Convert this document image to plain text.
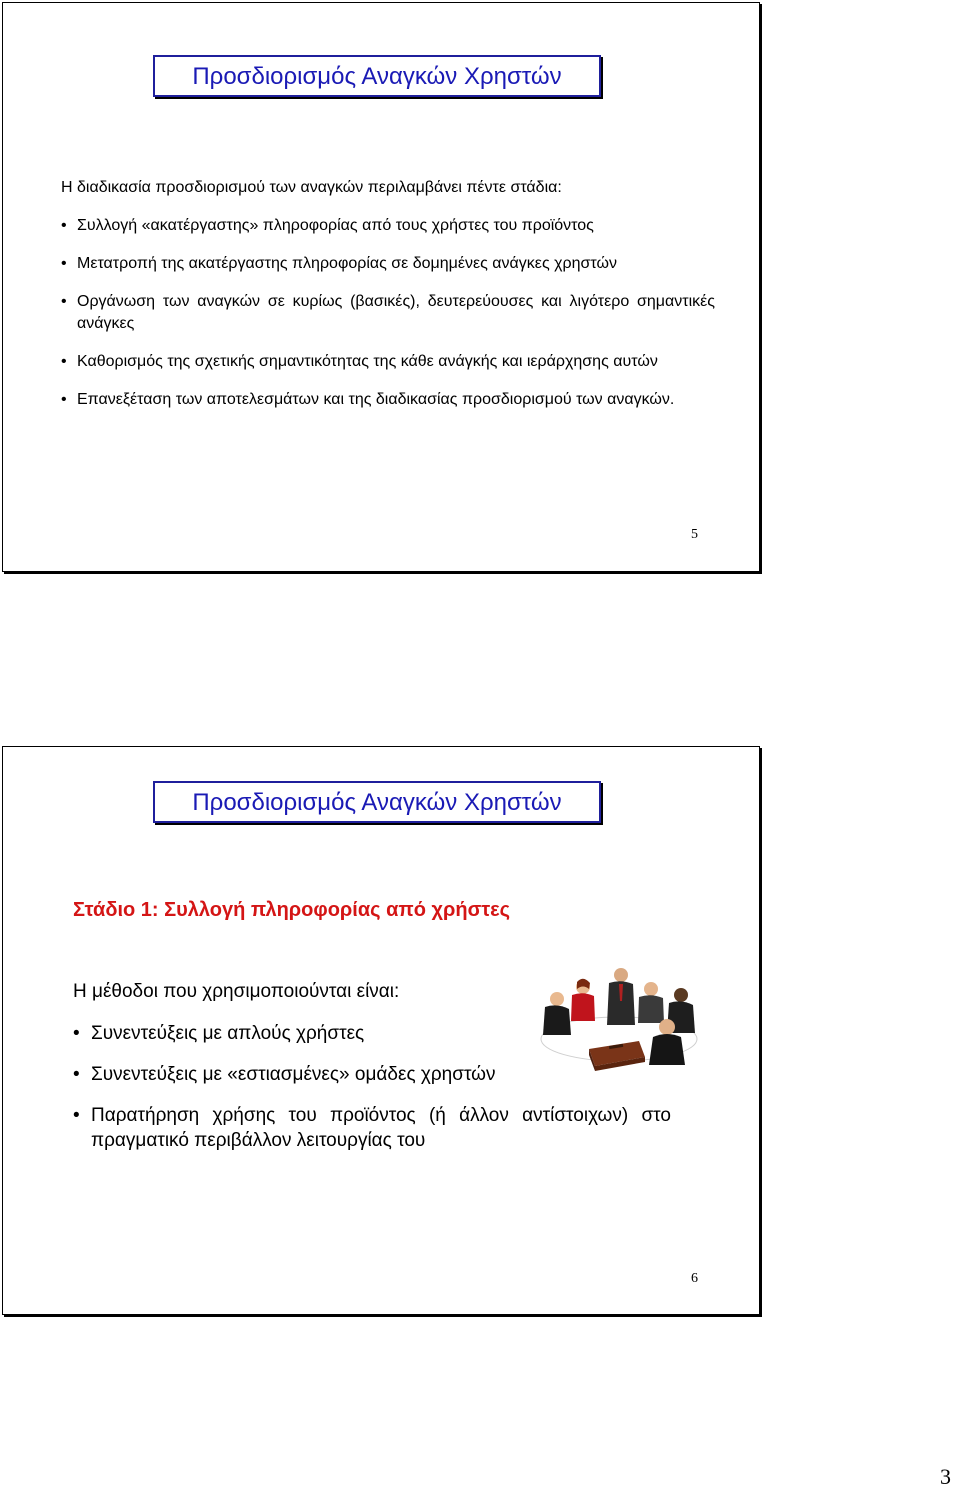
Προσδιορισμός Αναγκών Χρηστών
Η διαδικασία προσδιορισμού των αναγκών περιλαμβάνει πέντε στάδια:
• Συλλογή «ακατέργαστης» πληροφορίας από τους χρήστες του προϊόντος
• Μετατροπή της ακατέργαστης πληροφορίας σε δομημένες ανάγκες χρηστών
• Οργάνωση των αναγκών σε κυρίως (βασικές), δευτερεύουσες και λιγότερο σημαντικές ανάγκες
• Καθορισμός της σχετικής σημαντικότητας της κάθε ανάγκής και ιεράρχησης αυτών
• Επανεξέταση των αποτελεσμάτων και της διαδικασίας προσδιορισμού των αναγκών.
5
Προσδιορισμός Αναγκών Χρηστών
Στάδιο 1: Συλλογή πληροφορίας από χρήστες
Η μέθοδοι που χρησιμοποιούνται είναι:
• Συνεντεύξεις με απλούς χρήστες
• Συνεντεύξεις με «εστιασμένες» ομάδες χρηστών
• Παρατήρηση χρήσης του προϊόντος (ή άλλον αντίστοιχων) στο πραγματικό περιβάλλον λειτουργίας του
6
3
